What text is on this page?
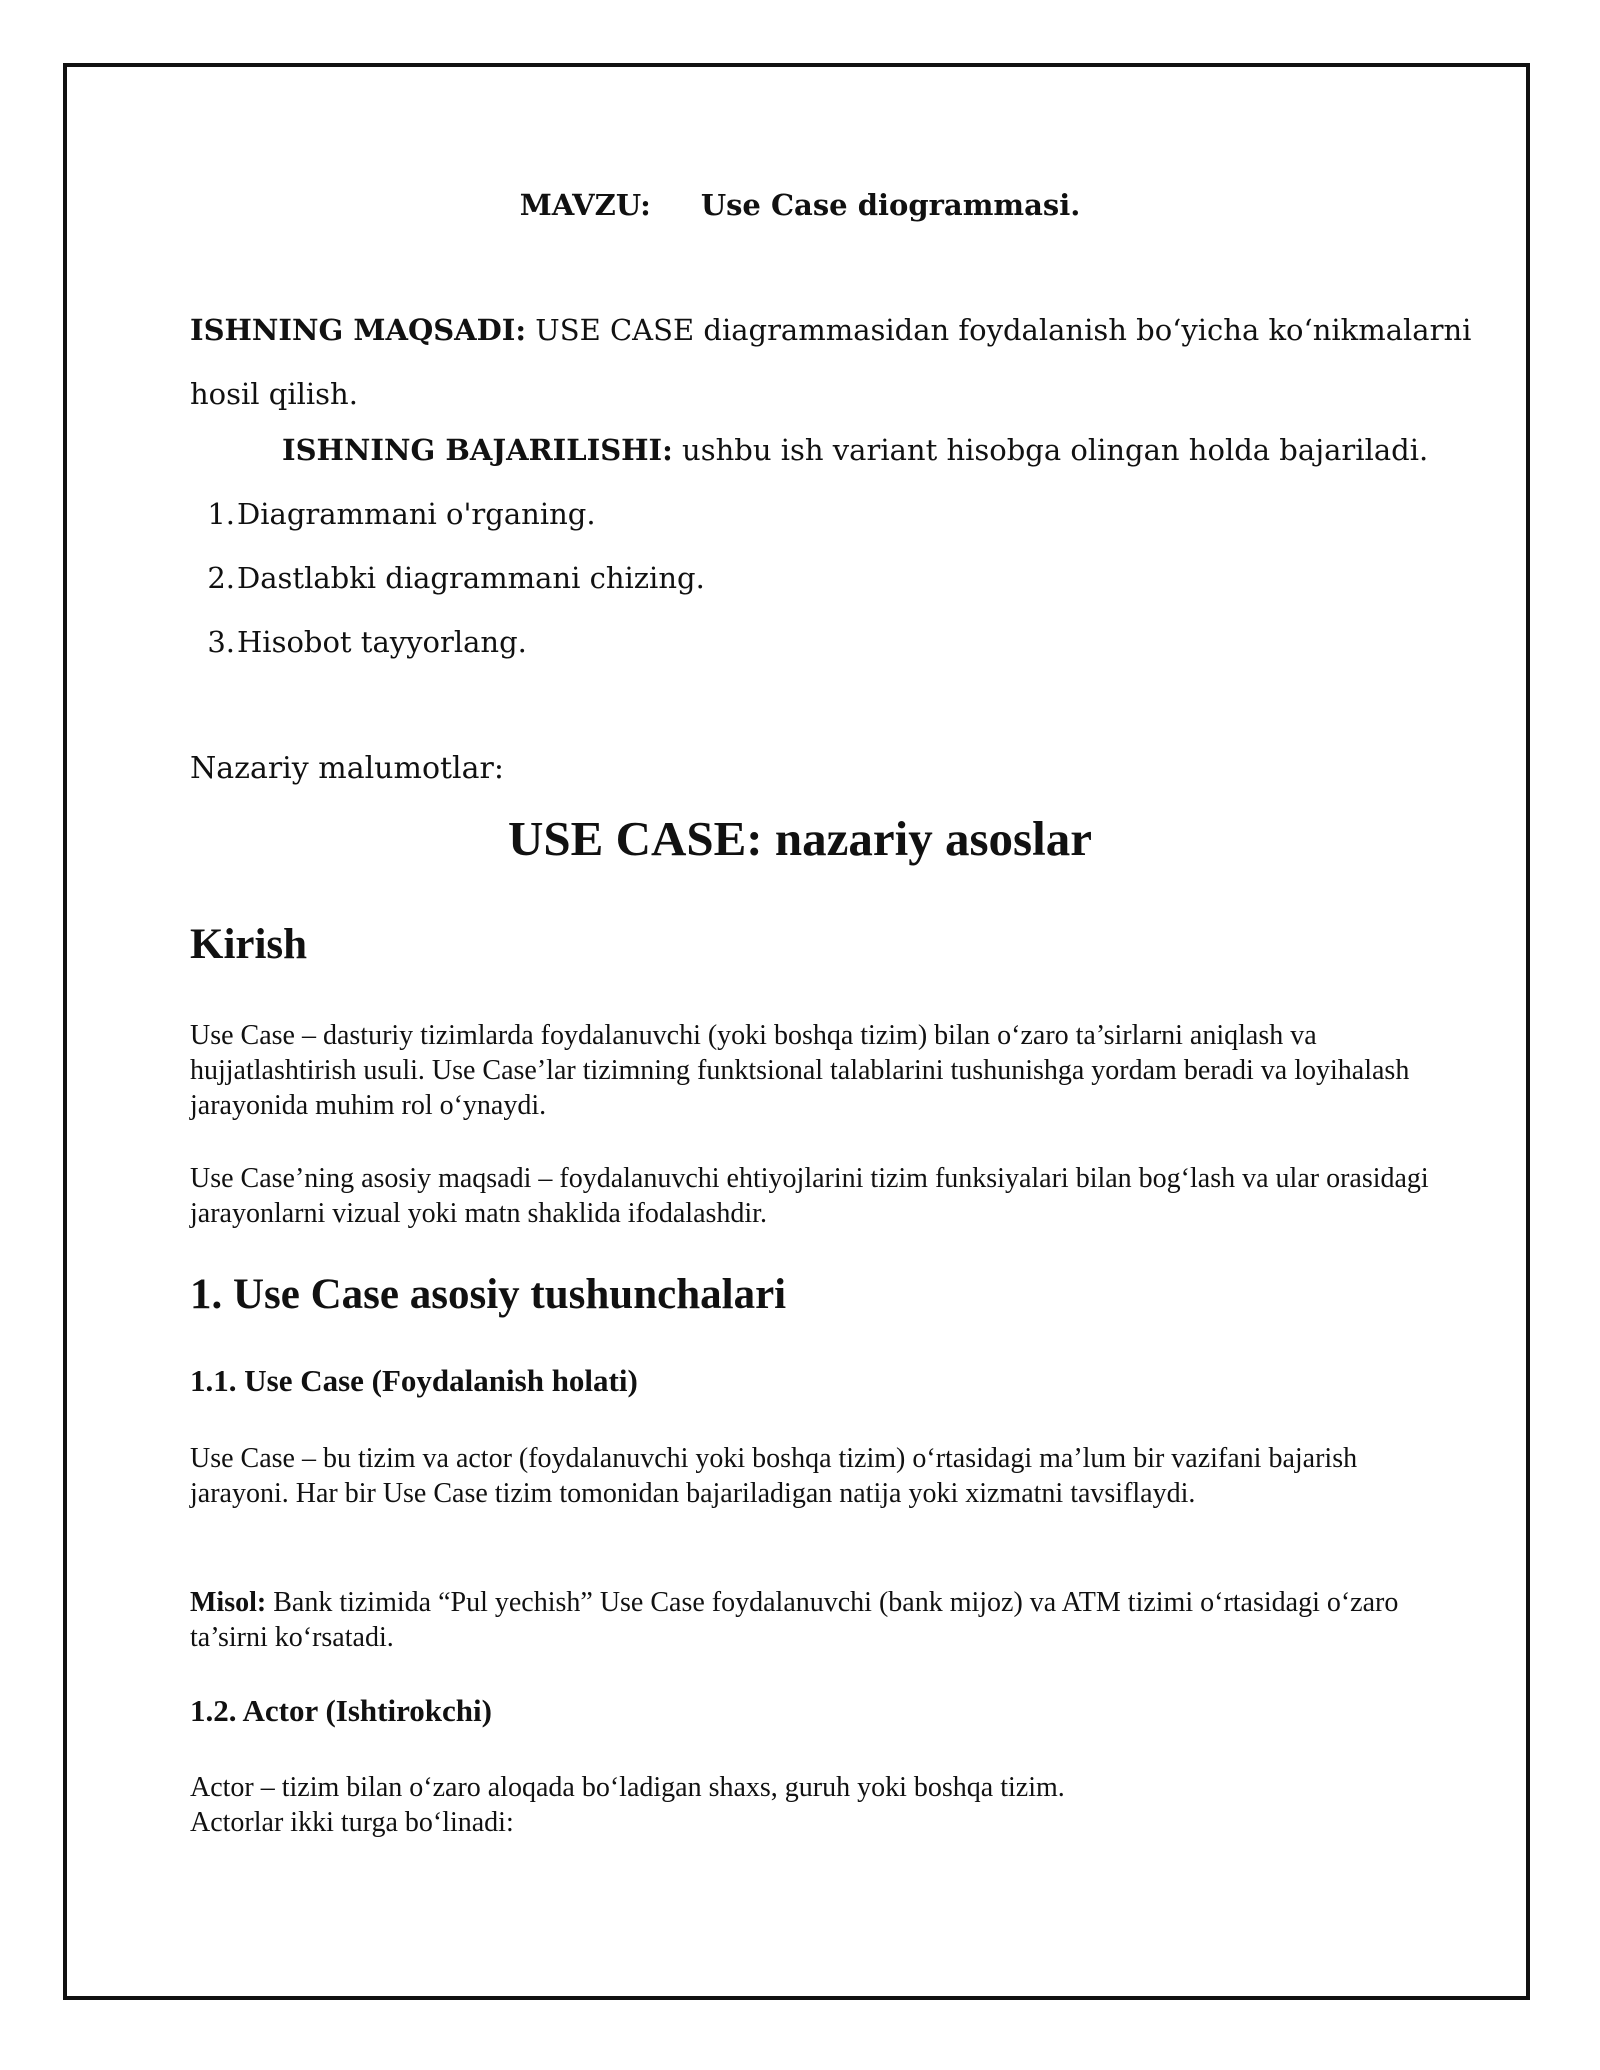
MAVZU: Use Case diogrammasi.
ISHNING MAQSADI: USE CASE diagrammasidan foydalanish bo‘yicha ko‘nikmalarni hosil qilish.
ISHNING BAJARILISHI: ushbu ish variant hisobga olingan holda bajariladi.
1. Diagrammani o'rganing.
2. Dastlabki diagrammani chizing.
3. Hisobot tayyorlang.
Nazariy malumotlar:
USE CASE: nazariy asoslar
Kirish
Use Case – dasturiy tizimlarda foydalanuvchi (yoki boshqa tizim) bilan o‘zaro ta’sirlarni aniqlash va hujjatlashtirish usuli. Use Case’lar tizimning funktsional talablarini tushunishga yordam beradi va loyihalash jarayonida muhim rol o‘ynaydi.
Use Case’ning asosiy maqsadi – foydalanuvchi ehtiyojlarini tizim funksiyalari bilan bog‘lash va ular orasidagi jarayonlarni vizual yoki matn shaklida ifodalashdir.
1. Use Case asosiy tushunchalari
1.1. Use Case (Foydalanish holati)
Use Case – bu tizim va actor (foydalanuvchi yoki boshqa tizim) o‘rtasidagi ma’lum bir vazifani bajarish jarayoni. Har bir Use Case tizim tomonidan bajariladigan natija yoki xizmatni tavsiflaydi.
Misol: Bank tizimida “Pul yechish” Use Case foydalanuvchi (bank mijoz) va ATM tizimi o‘rtasidagi o‘zaro ta’sirni ko‘rsatadi.
1.2. Actor (Ishtirokchi)
Actor – tizim bilan o‘zaro aloqada bo‘ladigan shaxs, guruh yoki boshqa tizim.
Actorlar ikki turga bo‘linadi:
